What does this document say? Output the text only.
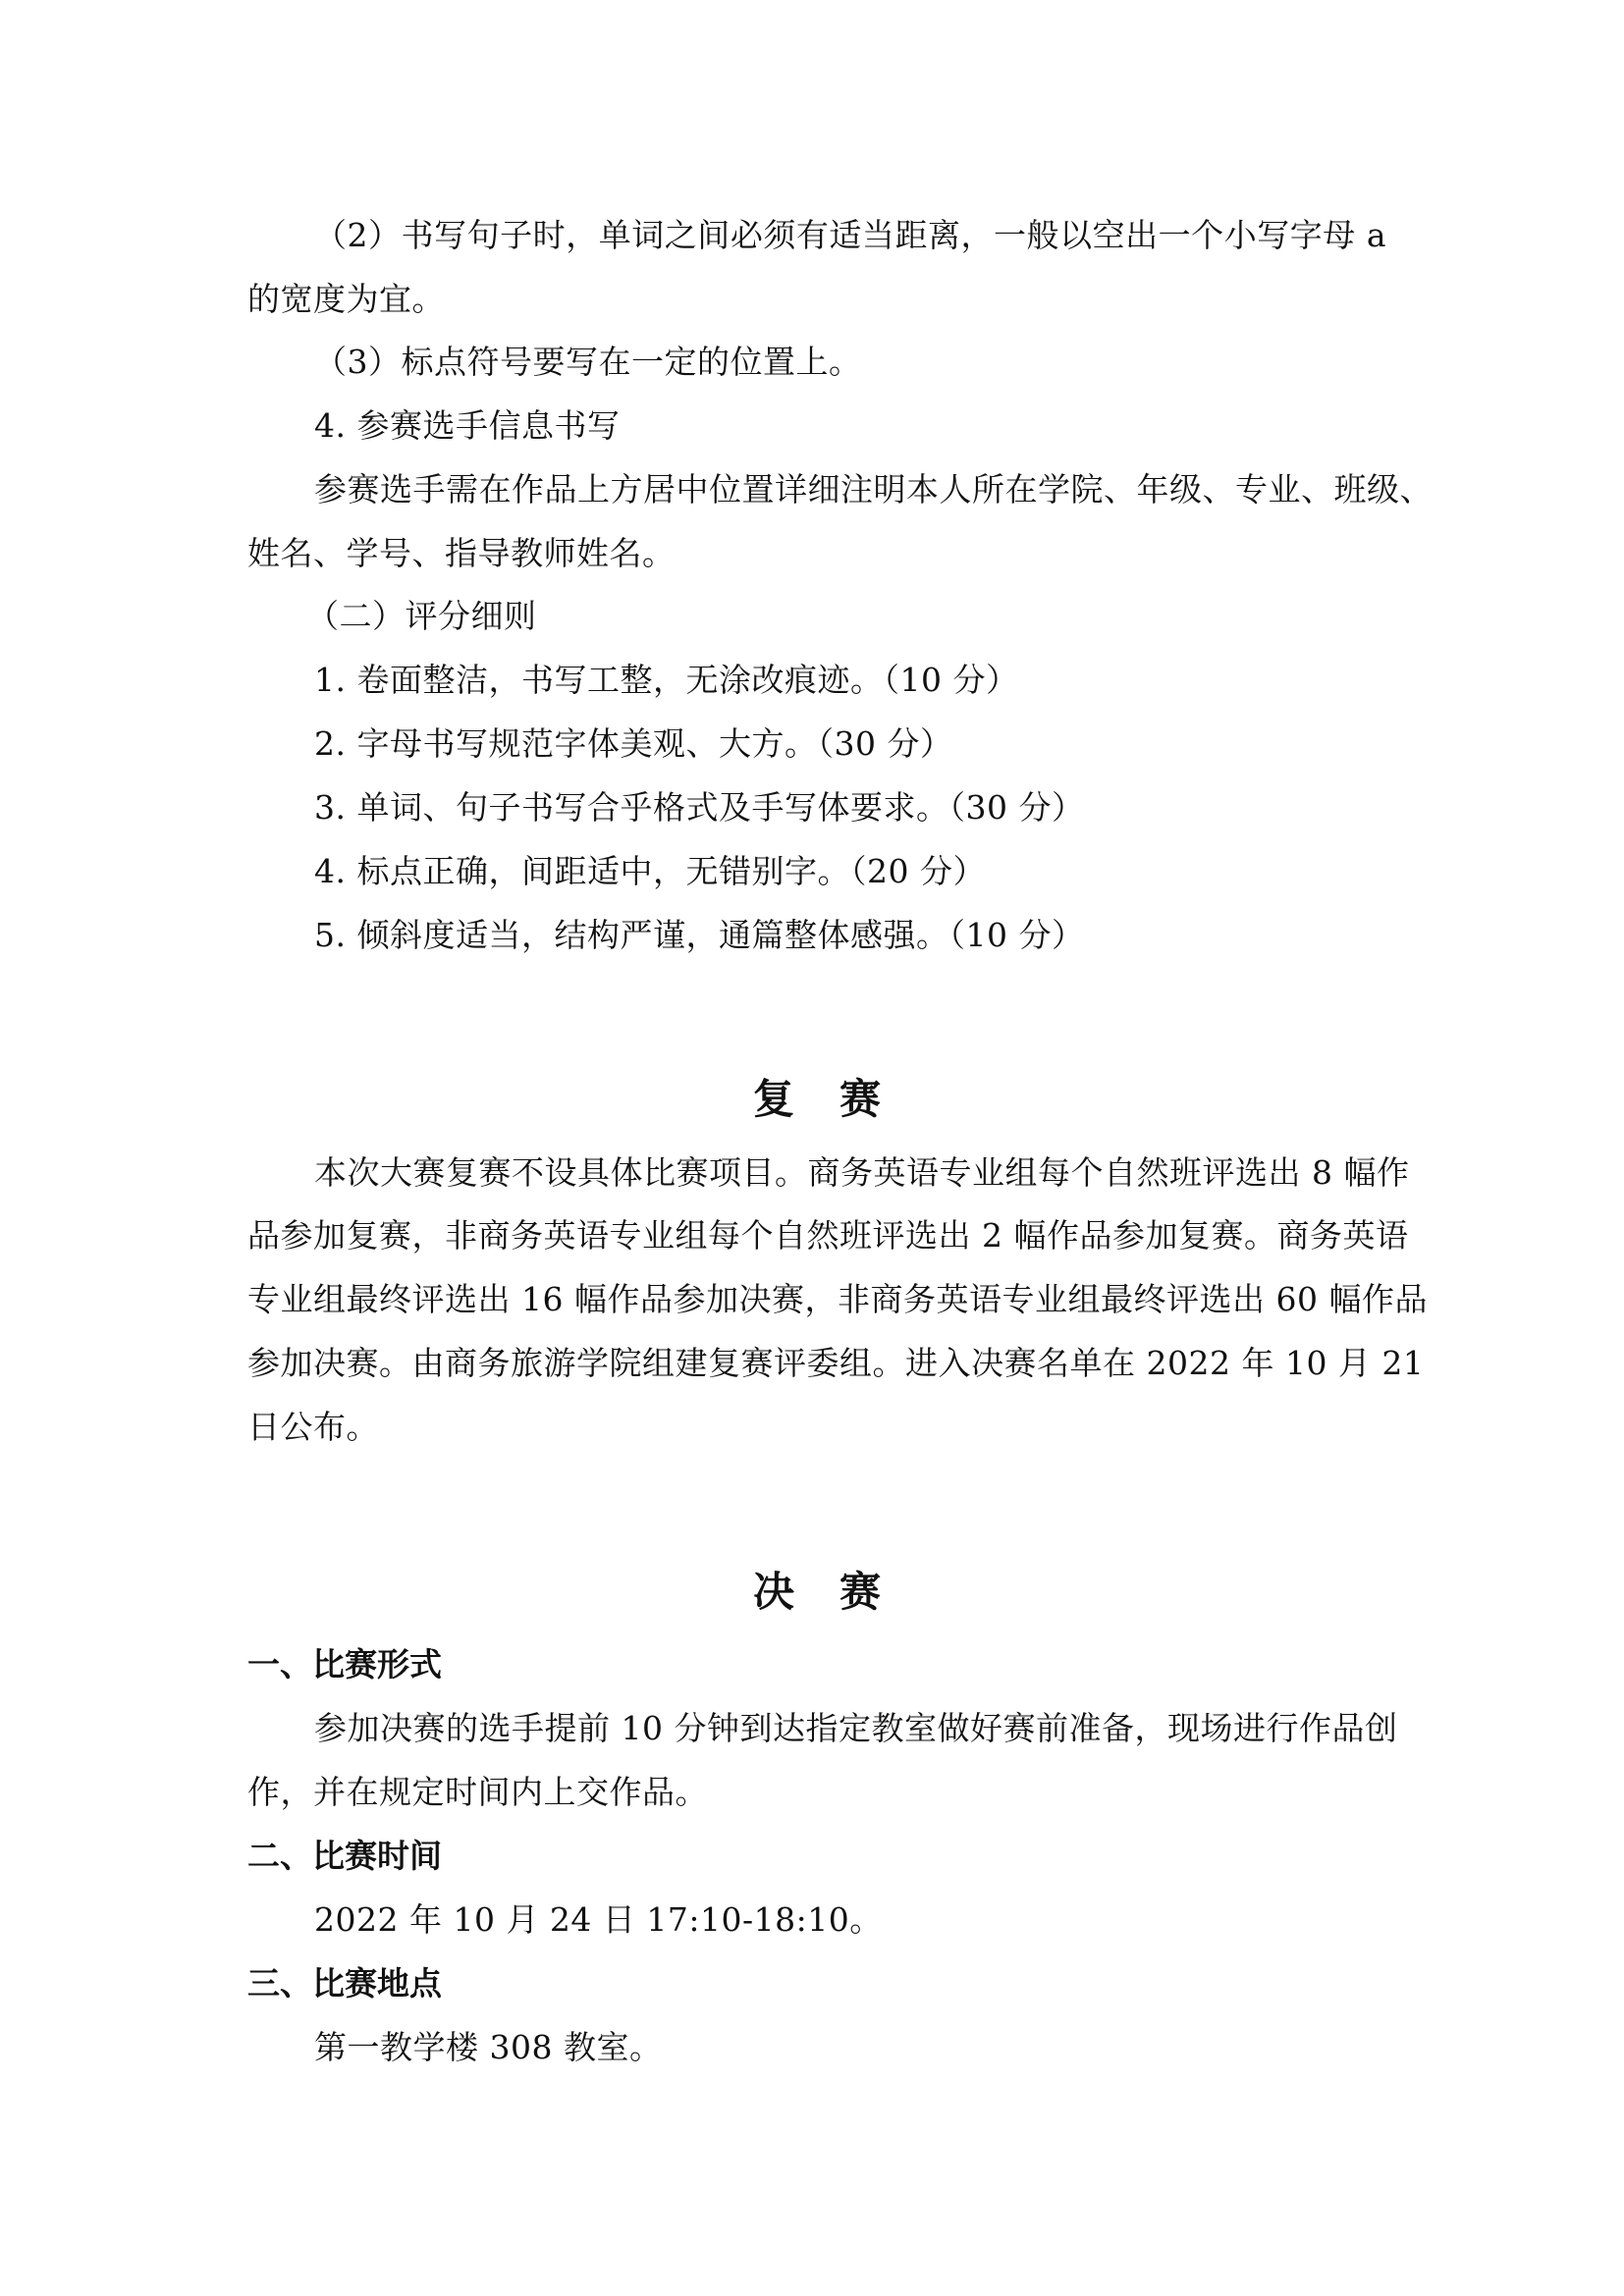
（2）书写句子时，单词之间必须有适当距离，一般以空出一个小写字母 a
的宽度为宜。
（3）标点符号要写在一定的位置上。
4. 参赛选手信息书写
参赛选手需在作品上方居中位置详细注明本人所在学院、年级、专业、班级、
姓名、学号、指导教师姓名。
（二）评分细则
1. 卷面整洁，书写工整，无涂改痕迹。（10 分）
2. 字母书写规范字体美观、大方。（30 分）
3. 单词、句子书写合乎格式及手写体要求。（30 分）
4. 标点正确，间距适中，无错别字。（20 分）
5. 倾斜度适当，结构严谨，通篇整体感强。（10 分）
复赛
本次大赛复赛不设具体比赛项目。商务英语专业组每个自然班评选出 8 幅作
品参加复赛，非商务英语专业组每个自然班评选出 2 幅作品参加复赛。商务英语
专业组最终评选出 16 幅作品参加决赛，非商务英语专业组最终评选出 60 幅作品
参加决赛。由商务旅游学院组建复赛评委组。进入决赛名单在 2022 年 10 月 21
日公布。
决赛
一、比赛形式
参加决赛的选手提前 10 分钟到达指定教室做好赛前准备，现场进行作品创
作，并在规定时间内上交作品。
二、比赛时间
2022 年 10 月 24 日 17:10-18:10。
三、比赛地点
第一教学楼 308 教室。
